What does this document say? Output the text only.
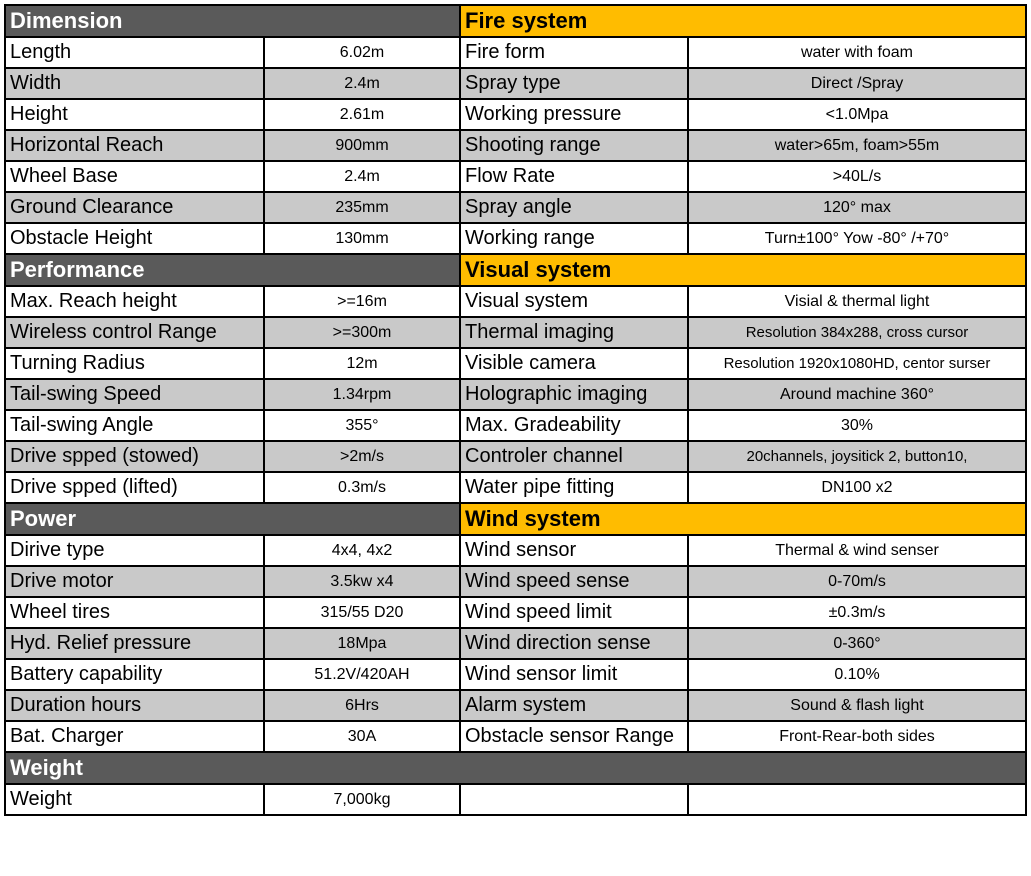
Dimension		Fire system	
Length	6.02m	Fire form	water with foam
Width	2.4m	Spray type	Direct /Spray
Height	2.61m	Working pressure	<1.0Mpa
Horizontal Reach	900mm	Shooting range	water>65m, foam>55m
Wheel Base	2.4m	Flow Rate	>40L/s
Ground Clearance	235mm	Spray angle	120° max
Obstacle Height	130mm	Working range	Turn±100° Yow -80° /+70°
Performance		Visual system	
Max. Reach height	>=16m	Visual system	Visial & thermal light
Wireless control Range	>=300m	Thermal imaging	Resolution 384x288, cross cursor
Turning Radius	12m	Visible camera	Resolution 1920x1080HD, centor surser
Tail-swing Speed	1.34rpm	Holographic imaging	Around machine 360°
Tail-swing Angle	355°	Max. Gradeability	30%
Drive spped (stowed)	>2m/s	Controler channel	20channels, joysitick 2, button10,
Drive spped (lifted)	0.3m/s	Water pipe fitting	DN100 x2
Power		Wind system	
Dirive type	4x4, 4x2	Wind sensor	Thermal & wind senser
Drive motor	3.5kw x4	Wind speed sense	0-70m/s
Wheel tires	315/55 D20	Wind speed limit	±0.3m/s
Hyd. Relief pressure	18Mpa	Wind direction sense	0-360°
Battery capability	51.2V/420AH	Wind sensor limit	0.10%
Duration hours	6Hrs	Alarm system	Sound & flash light
Bat. Charger	30A	Obstacle sensor Range	Front-Rear-both sides
Weight			
Weight	7,000kg		
